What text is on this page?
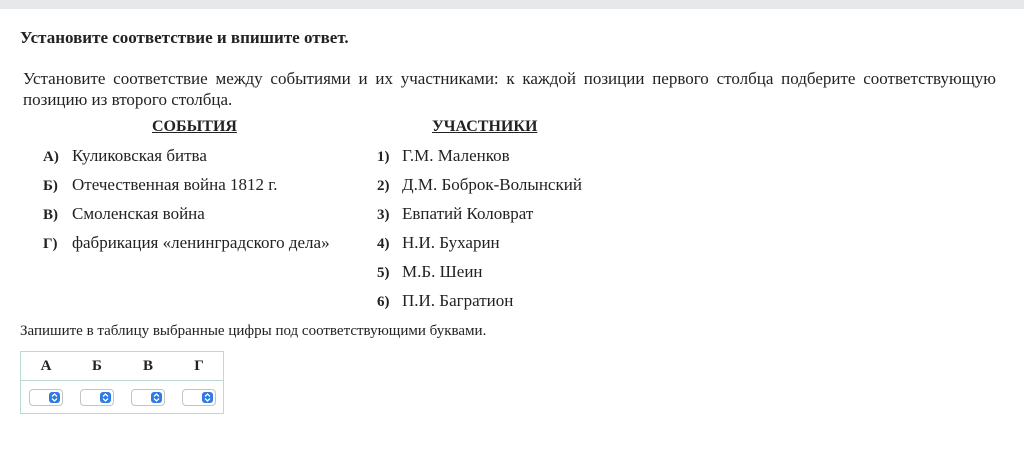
Установите соответствие и впишите ответ.
Установите соответствие между событиями и их участниками: к каждой позиции первого столбца подберите соответствующую позицию из второго столбца.
СОБЫТИЯ	УЧАСТНИКИ
А) Куликовская битва
Б) Отечественная война 1812 г.
В) Смоленская война
Г) фабрикация «ленинградского дела»
1) Г.М. Маленков
2) Д.М. Боброк-Волынский
3) Евпатий Коловрат
4) Н.И. Бухарин
5) М.Б. Шеин
6) П.И. Багратион
Запишите в таблицу выбранные цифры под соответствующими буквами.
А	Б	В	Г
